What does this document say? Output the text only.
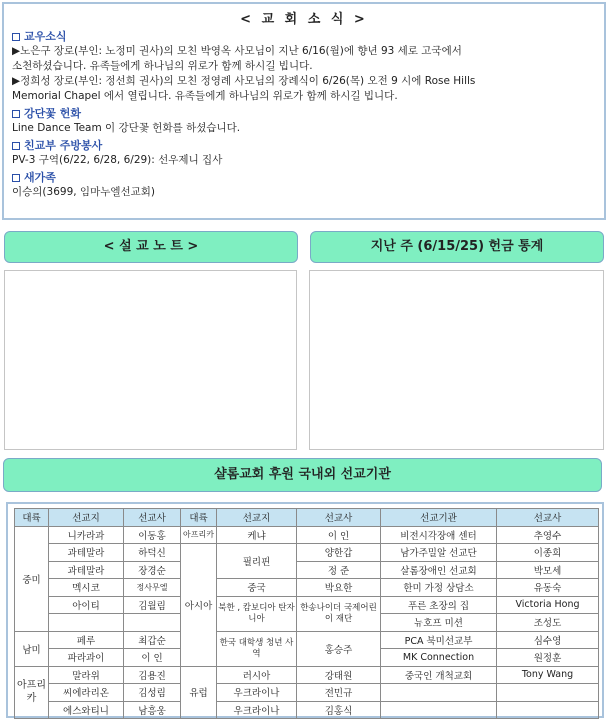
< 교 회 소 식 >
교우소식
▶노은구 장로(부인: 노정미 권사)의 모친 박영옥 사모님이 지난 6/16(월)에 향년 93 세로 고국에서
소천하셨습니다. 유족들에게 하나님의 위로가 함께 하시길 빕니다.
▶정희성 장로(부인: 정선희 권사)의 모친 정영례 사모님의 장례식이 6/26(목) 오전 9 시에 Rose Hills
Memorial Chapel 에서 열립니다. 유족들에게 하나님의 위로가 함께 하시길 빕니다.
강단꽃 헌화
Line Dance Team 이 강단꽃 헌화를 하셨습니다.
친교부 주방봉사
PV-3 구역(6/22, 6/28, 6/29): 선우제니 집사
새가족
이승의(3699, 임마누엘선교회)
< 설 교 노 트 >	지난 주 (6/15/25) 헌금 통계
샬롬교회 후원 국내외 선교기관
대륙	선교지	선교사	대륙	선교지	선교사	선교기관	선교사
중미	니카라과	이동홍	아프리카	케냐	이 인	비전시각장애 센터	추영수
	과테말라	하덕신	아시아	필리핀	양한갑	남가주밀알 선교단	이종희
	과테말라	장경순			정 준	살롬장애인 선교회	박모세
	멕시코	정사무엘		중국	박요한	한미 가정 상담소	유동숙
	아이티	김월림		북한 , 캄보디아 탄자니아	한송나이더 국제어린이 재단	푸른 초장의 집	Victoria Hong
						뉴호프 미션	조성도
남미	페루	최갑순		한국 대학생 청년 사역	홍승주	PCA 북미선교부	심수영
	파라과이	이 인				MK Connection	원정훈
아프리카	말라위	김용진	유럽	러시아	강태원	중국인 개척교회	Tony Wang
	씨에라리온	김성림		우크라이나	전민규		
	에스와티니	남흥웅		우크라이나	김홍식		
